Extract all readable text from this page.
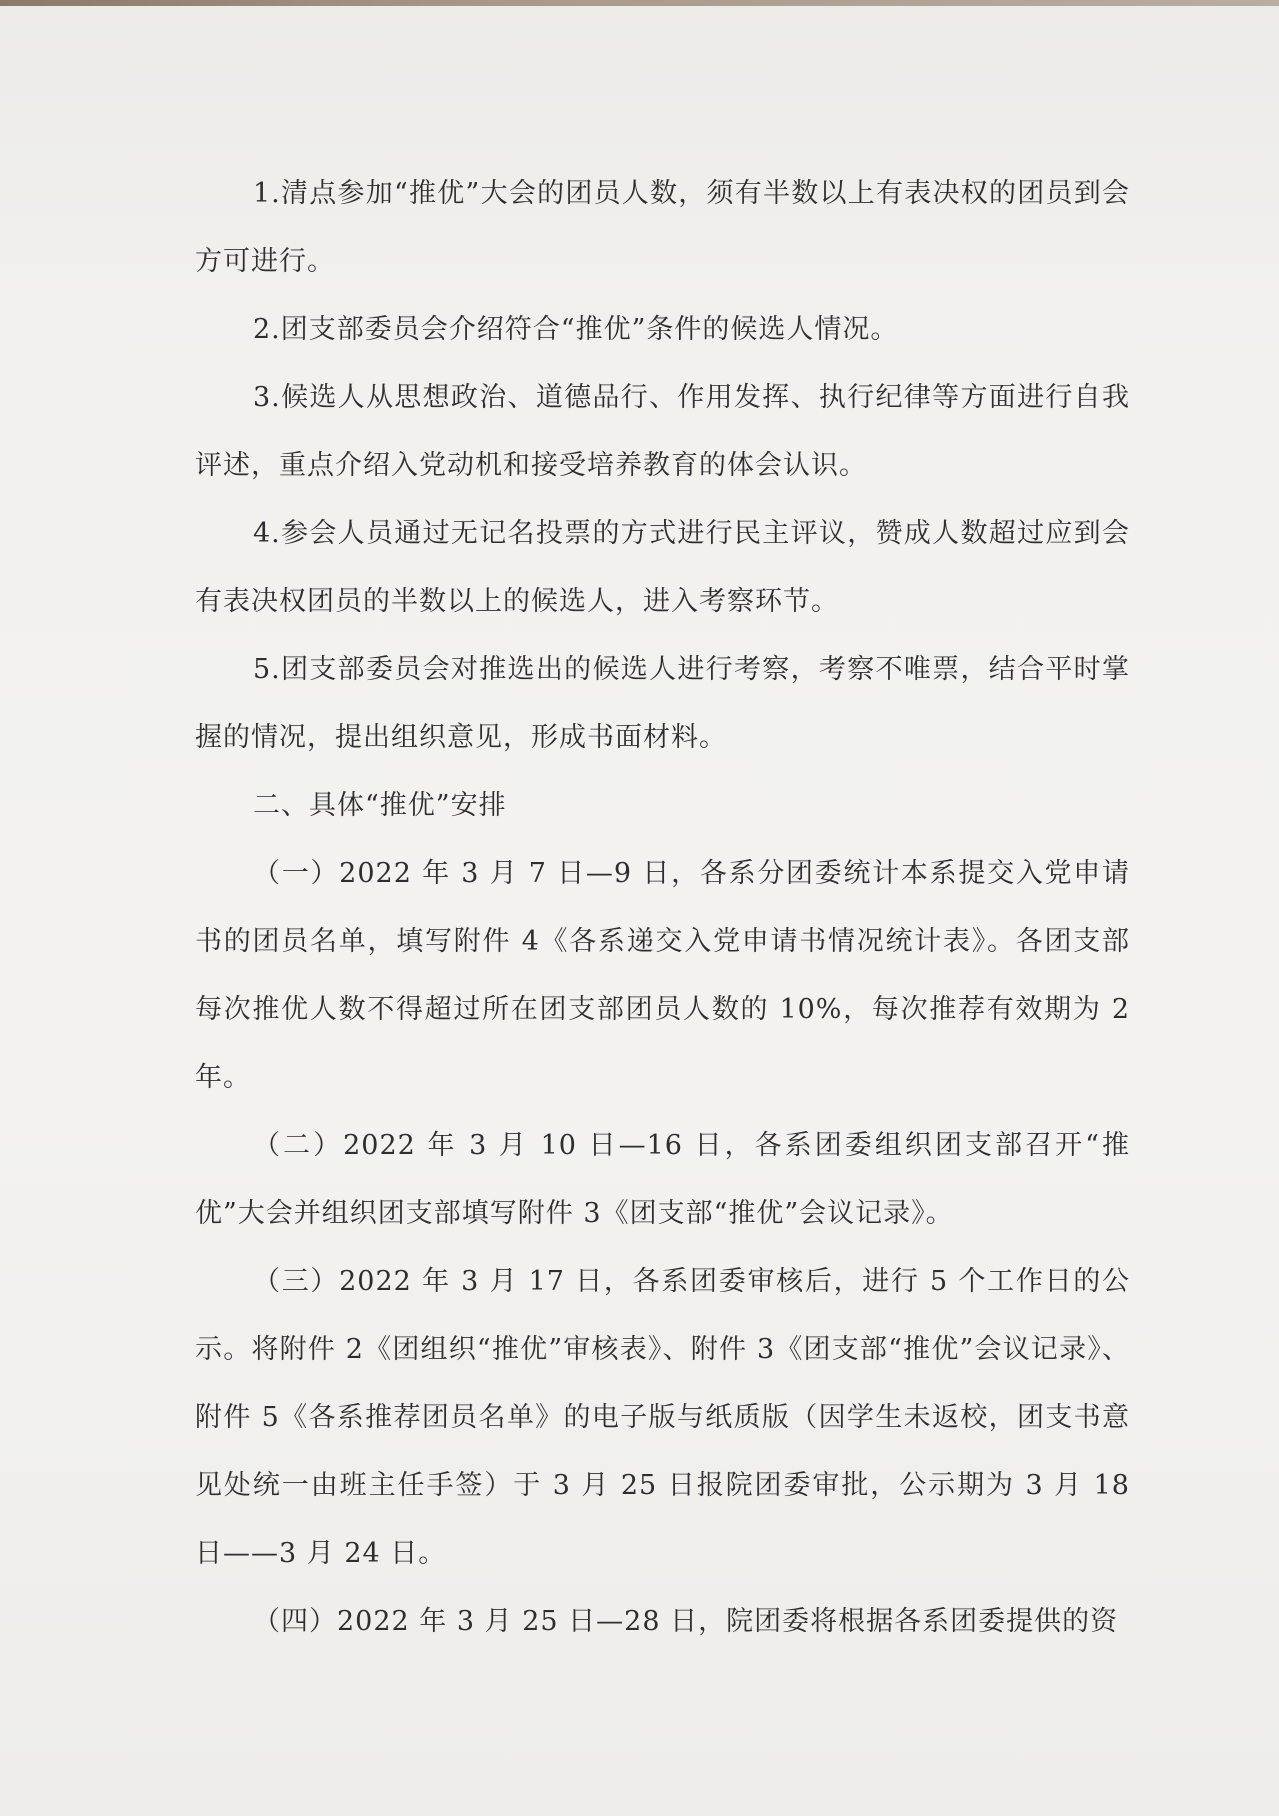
1.清点参加“推优”大会的团员人数，须有半数以上有表决权的团员到会方可进行。

2.团支部委员会介绍符合“推优”条件的候选人情况。

3.候选人从思想政治、道德品行、作用发挥、执行纪律等方面进行自我评述，重点介绍入党动机和接受培养教育的体会认识。

4.参会人员通过无记名投票的方式进行民主评议，赞成人数超过应到会有表决权团员的半数以上的候选人，进入考察环节。

5.团支部委员会对推选出的候选人进行考察，考察不唯票，结合平时掌握的情况，提出组织意见，形成书面材料。

二、具体“推优”安排

（一）2022 年 3 月 7 日—9 日，各系分团委统计本系提交入党申请书的团员名单，填写附件 4《各系递交入党申请书情况统计表》。各团支部每次推优人数不得超过所在团支部团员人数的 10%，每次推荐有效期为 2 年。

（二）2022 年 3 月 10 日—16 日，各系团委组织团支部召开“推优”大会并组织团支部填写附件 3《团支部“推优”会议记录》。

（三）2022 年 3 月 17 日，各系团委审核后，进行 5 个工作日的公示。将附件 2《团组织“推优”审核表》、附件 3《团支部“推优”会议记录》、附件 5《各系推荐团员名单》的电子版与纸质版（因学生未返校，团支书意见处统一由班主任手签）于 3 月 25 日报院团委审批，公示期为 3 月 18 日——3 月 24 日。

（四）2022 年 3 月 25 日—28 日，院团委将根据各系团委提供的资
